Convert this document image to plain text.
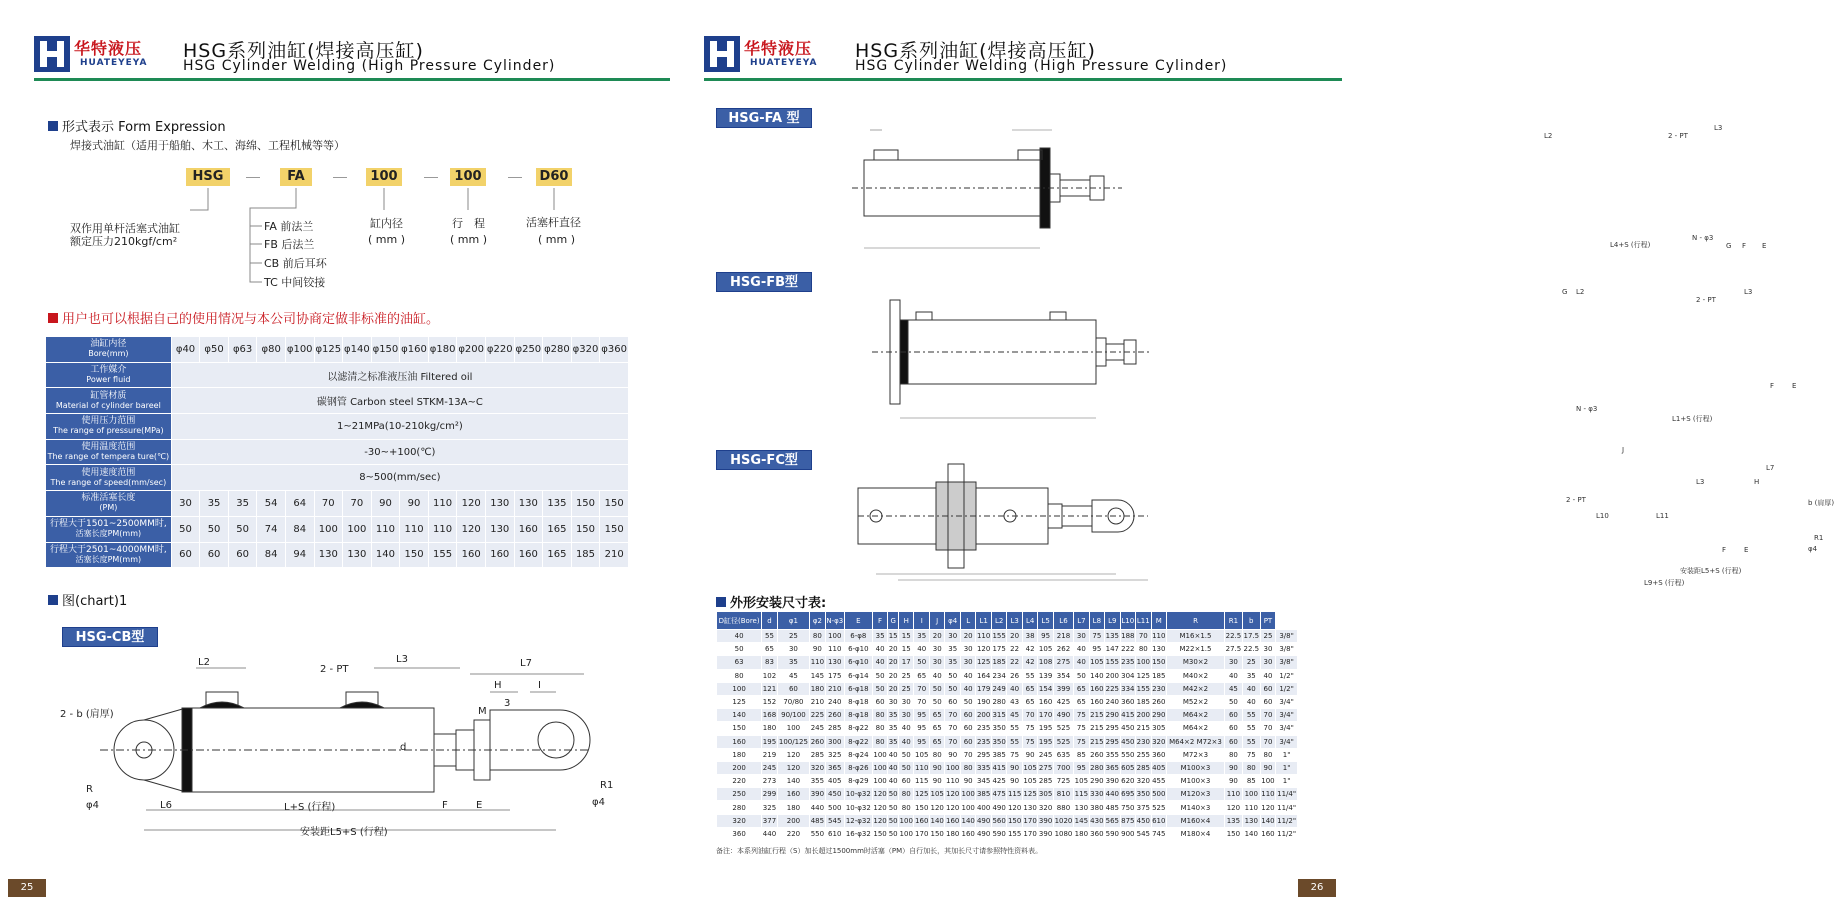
华特液压
HUATEYEYA
HSG系列油缸(焊接高压缸)
HSG Cylinder Welding (High Pressure Cylinder)
形式表示 Form Expression
焊接式油缸（适用于船舶、木工、海绵、工程机械等等）
HSG	FA	100	100	D60
双作用单杆活塞式油缸
额定压力210kgf/cm²
FA 前法兰
FB 后法兰
CB 前后耳环
TC 中间铰接
缸内径
( mm )
行　程
( mm )
活塞杆直径
( mm )
用户也可以根据自己的使用情况与本公司协商定做非标准的油缸。
油缸内径
Bore(mm)	φ40	φ50	φ63	φ80	φ100	φ125	φ140	φ150	φ160	φ180	φ200	φ220	φ250	φ280	φ320	φ360

工作媒介
Power fluid	以滤清之标准液压油 Filtered oil															

缸管材质
Material of cylinder bareel	碳钢管 Carbon steel STKM-13A~C															

使用压力范围
The range of pressure(MPa)	1~21MPa(10-210kg/cm²)															

使用温度范围
The range of tempera ture(℃)	-30~+100(℃)															

使用速度范围
The range of speed(mm/sec)	8~500(mm/sec)															

标准活塞长度
(PM)	30	35	35	54	64	70	70	90	90	110	120	130	130	135	150	150

行程大于1501~2500MM时,
活塞长度PM(mm)	50	50	50	74	84	100	100	110	110	110	120	130	160	165	150	150

行程大于2501~4000MM时,
活塞长度PM(mm)	60	60	60	84	94	130	130	140	150	155	160	160	160	165	185	210
图(chart)1
HSG-CB型
L2
2 - PT
L3	L7
H	I
M
3
2 - b (肩厚)
R
φ4
d
L6	L+S (行程)	F	E
R1
φ4
安装距L5+S (行程)
25
华特液压
HUATEYEYA
HSG系列油缸(焊接高压缸)
HSG Cylinder Welding (High Pressure Cylinder)
HSG-FA 型
L2	2 - PT
L3
L4+S (行程)
N - φ3
G F E
HSG-FB型
G L2	L3
2 - PT
L1+S (行程)
N - φ3
F	E
HSG-FC型
J
L7
2 - PT
L3	H
b (肩厚)
R1
φ4
L10	L11
F	E
安装距L5+S (行程)
L9+S (行程)
外形安装尺寸表:
26
D缸径(Bore)	d	φ1	φ2	N-φ3	E	F	G	H	I	J	φ4	L	L1	L2	L3	L4	L5	L6	L7	L8	L9	L10	L11	M	R	R1	b	PT	
40	55	25	80	100	6-φ8	35	15	15	35	20	30	20	110	155	20	38	95	218	30	75	135	188	70	110	M16×1.5	22.5	17.5	25	3/8"
50	65	30	90	110	6-φ10	40	20	15	40	30	35	30	120	175	22	42	105	262	40	95	147	222	80	130	M22×1.5	27.5	22.5	30	3/8"
63	83	35	110	130	6-φ10	40	20	17	50	30	35	30	125	185	22	42	108	275	40	105	155	235	100	150	M30×2	30	25	30	3/8"
80	102	45	145	175	6-φ14	50	20	25	65	40	50	40	164	234	26	55	139	354	50	140	200	304	125	185	M40×2	40	35	40	1/2"
100	121	60	180	210	6-φ18	50	20	25	70	50	50	40	179	249	40	65	154	399	65	160	225	334	155	230	M42×2	45	40	60	1/2"
125	152	70/80	210	240	8-φ18	60	30	30	70	50	60	50	190	280	43	65	160	425	65	160	240	360	185	260	M52×2	50	40	60	3/4"
140	168	90/100	225	260	8-φ18	80	35	30	95	65	70	60	200	315	45	70	170	490	75	215	290	415	200	290	M64×2	60	55	70	3/4"
150	180	100	245	285	8-φ22	80	35	40	95	65	70	60	235	350	55	75	195	525	75	215	295	450	215	305	M64×2	60	55	70	3/4"
160	195	100/125	260	300	8-φ22	80	35	40	95	65	70	60	235	350	55	75	195	525	75	215	295	450	230	320	M64×2 M72×3	60	55	70	3/4"
180	219	120	285	325	8-φ24	100	40	50	105	80	90	70	295	385	75	90	245	635	85	260	355	550	255	360	M72×3	80	75	80	1"
200	245	120	320	365	8-φ26	100	40	50	110	90	100	80	335	415	90	105	275	700	95	280	365	605	285	405	M100×3	90	80	90	1"
220	273	140	355	405	8-φ29	100	40	60	115	90	110	90	345	425	90	105	285	725	105	290	390	620	320	455	M100×3	90	85	100	1"
250	299	160	390	450	10-φ32	120	50	80	125	105	120	100	385	475	115	125	305	810	115	330	440	695	350	500	M120×3	110	100	110	11/4"
280	325	180	440	500	10-φ32	120	50	80	150	120	120	100	400	490	120	130	320	880	130	380	485	750	375	525	M140×3	120	110	120	11/4"
320	377	200	485	545	12-φ32	120	50	100	160	140	160	140	490	560	150	170	390	1020	145	430	565	875	450	610	M160×4	135	130	140	11/2"
360	440	220	550	610	16-φ32	150	50	100	170	150	180	160	490	590	155	170	390	1080	180	360	590	900	545	745	M180×4	150	140	160	11/2"
备注：本系列油缸行程（S）加长超过1500mm时活塞（PM）自行加长，其加长尺寸请参照特性资料表。
